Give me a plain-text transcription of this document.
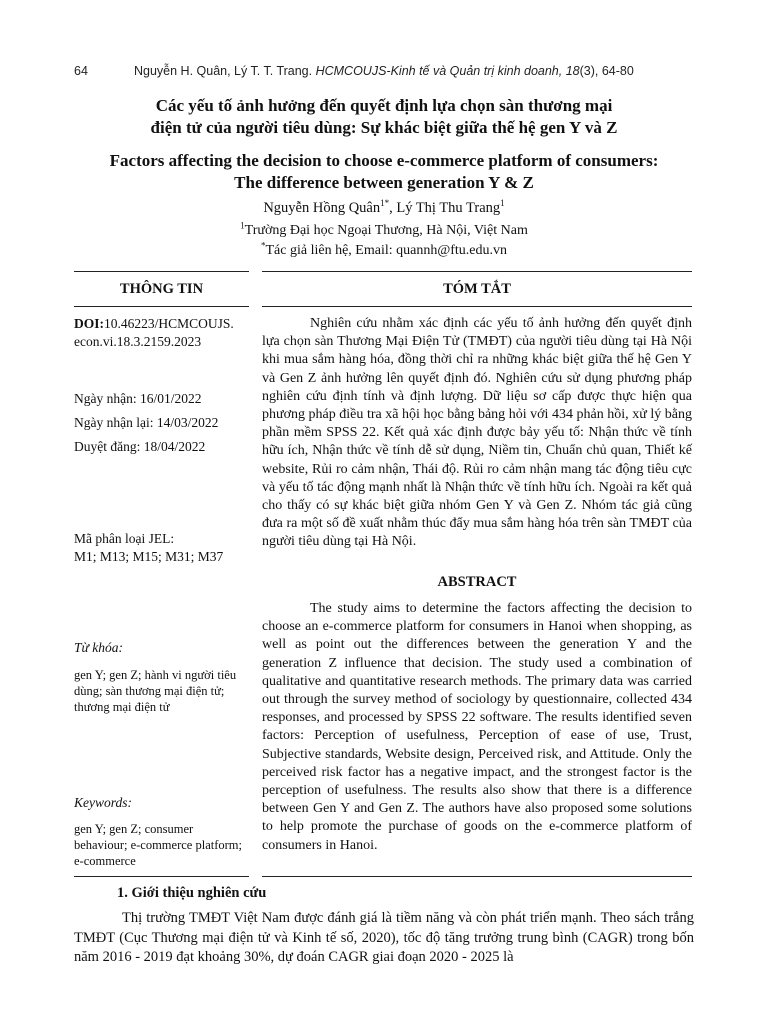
64	Nguyễn H. Quân, Lý T. T. Trang. HCMCOUJS-Kinh tế và Quản trị kinh doanh, 18(3), 64-80
Các yếu tố ảnh hưởng đến quyết định lựa chọn sàn thương mại
điện tử của người tiêu dùng: Sự khác biệt giữa thế hệ gen Y và Z
Factors affecting the decision to choose e-commerce platform of consumers:
The difference between generation Y & Z
Nguyễn Hồng Quân$^{1*}$, Lý Thị Thu Trang$^1$
$^1$Trường Đại học Ngoại Thương, Hà Nội, Việt Nam
*Tác giả liên hệ, Email: quannh@ftu.edu.vn
THÔNG TIN	TÓM TẮT

DOI:10.46223/HCMCOUJS.

econ.vi.18.3.2159.2023

Ngày nhận: 16/01/2022

Ngày nhận lại: 14/03/2022

Duyệt đăng: 18/04/2022

Mã phân loại JEL:

M1; M13; M15; M31; M37

Từ khóa:

gen Y; gen Z; hành vi người tiêu dùng; sàn thương mại điện tử; thương mại điện tử

Keywords:

gen Y; gen Z; consumer behaviour; e-commerce platform; e-commerce

Nghiên cứu nhằm xác định các yếu tố ảnh hưởng đến quyết định lựa chọn sàn Thương Mại Điện Tử (TMĐT) của người tiêu dùng tại Hà Nội khi mua sắm hàng hóa, đồng thời chỉ ra những khác biệt giữa thế hệ Gen Y và Gen Z ảnh hưởng lên quyết định đó. Nghiên cứu sử dụng phương pháp nghiên cứu định tính và định lượng. Dữ liệu sơ cấp được thực hiện qua phương pháp điều tra xã hội học bằng bảng hỏi với 434 phản hồi, xử lý bằng phần mềm SPSS 22. Kết quả xác định được bảy yếu tố: Nhận thức về tính hữu ích, Nhận thức về tính dễ sử dụng, Niềm tin, Chuẩn chủ quan, Thiết kế website, Rủi ro cảm nhận, Thái độ. Rủi ro cảm nhận mang tác động tiêu cực và yếu tố tác động mạnh nhất là Nhận thức về tính hữu ích. Ngoài ra kết quả cho thấy có sự khác biệt giữa nhóm Gen Y và Gen Z. Nhóm tác giả cũng đưa ra một số đề xuất nhằm thúc đẩy mua sắm hàng hóa trên sàn TMĐT của người tiêu dùng tại Hà Nội.

ABSTRACT

The study aims to determine the factors affecting the decision to choose an e-commerce platform for consumers in Hanoi when shopping, as well as point out the differences between the generation Y and the generation Z influence that decision. The study used a combination of qualitative and quantitative research methods. The primary data was carried out through the survey method of sociology by questionnaire, collected 434 responses, and processed by SPSS 22 software. The results identified seven factors: Perception of usefulness, Perception of ease of use, Trust, Subjective standards, Website design, Perceived risk, and Attitude. Only the perceived risk factor has a negative impact, and the strongest factor is the perception of usefulness. The results also show that there is a difference between Gen Y and Gen Z. The authors have also proposed some solutions to help promote the purchase of goods on the e-commerce platform of consumers in Hanoi.

1. Giới thiệu nghiên cứu

Thị trường TMĐT Việt Nam được đánh giá là tiềm năng và còn phát triển mạnh. Theo sách trắng TMĐT (Cục Thương mại điện tử và Kinh tế số, 2020), tốc độ tăng trưởng trung bình (CAGR) trong bốn năm 2016 - 2019 đạt khoảng 30%, dự đoán CAGR giai đoạn 2020 - 2025 là
